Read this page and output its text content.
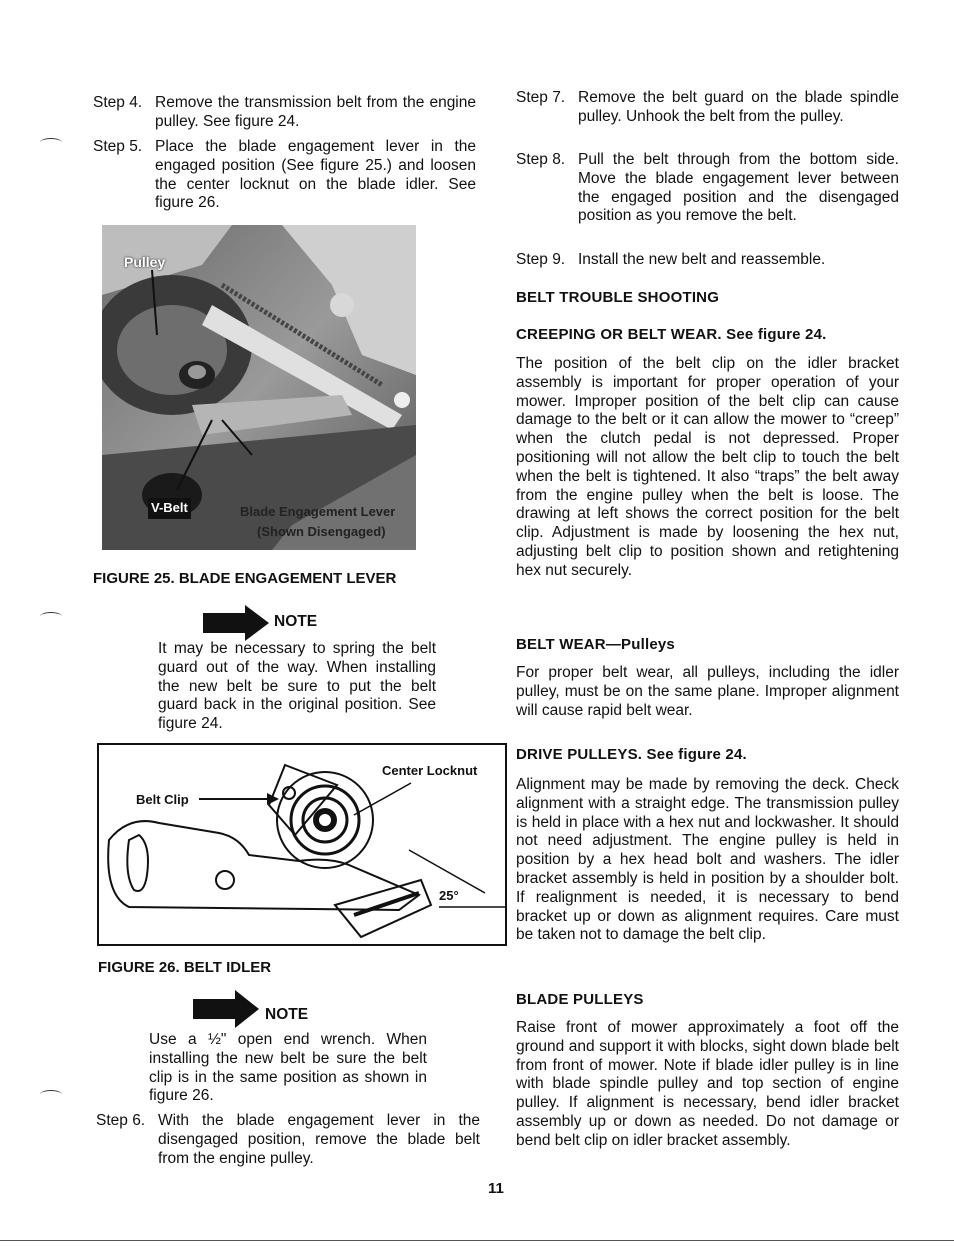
Step 4. Remove the transmission belt from the engine pulley. See figure 24.
Step 5. Place the blade engagement lever in the engaged position (See figure 25.) and loosen the center locknut on the blade idler. See figure 26.
Pulley
V-Belt	Blade Engagement Lever
(Shown Disengaged)
FIGURE 25. BLADE ENGAGEMENT LEVER
NOTE
It may be necessary to spring the belt guard out of the way. When installing the new belt be sure to put the belt guard back in the original position. See figure 24.
Center Locknut
Belt Clip
25°
FIGURE 26. BELT IDLER
NOTE
Use a ½" open end wrench. When installing the new belt be sure the belt clip is in the same position as shown in figure 26.
Step 6. With the blade engagement lever in the disengaged position, remove the blade belt from the engine pulley.
Step 7. Remove the belt guard on the blade spindle pulley. Unhook the belt from the pulley.
Step 8. Pull the belt through from the bottom side. Move the blade engagement lever between the engaged position and the disengaged position as you remove the belt.
Step 9. Install the new belt and reassemble.
BELT TROUBLE SHOOTING
CREEPING OR BELT WEAR. See figure 24.
The position of the belt clip on the idler bracket assembly is important for proper operation of your mower. Improper position of the belt clip can cause damage to the belt or it can allow the mower to “creep” when the clutch pedal is not depressed. Proper positioning will not allow the belt clip to touch the belt when the belt is tightened. It also “traps” the belt away from the engine pulley when the belt is loose. The drawing at left shows the correct position for the belt clip. Adjustment is made by loosening the hex nut, adjusting belt clip to position shown and retightening hex nut securely.
BELT WEAR—Pulleys
For proper belt wear, all pulleys, including the idler pulley, must be on the same plane. Improper alignment will cause rapid belt wear.
DRIVE PULLEYS. See figure 24.
Alignment may be made by removing the deck. Check alignment with a straight edge. The transmission pulley is held in place with a hex nut and lockwasher. It should not need adjustment. The engine pulley is held in position by a hex head bolt and washers. The idler bracket assembly is held in position by a shoulder bolt. If realignment is needed, it is necessary to bend bracket up or down as alignment requires. Care must be taken not to damage the belt clip.
BLADE PULLEYS
Raise front of mower approximately a foot off the ground and support it with blocks, sight down blade belt from front of mower. Note if blade idler pulley is in line with blade spindle pulley and top section of engine pulley. If alignment is necessary, bend idler bracket assembly up or down as needed. Do not damage or bend belt clip on idler bracket assembly.
11
